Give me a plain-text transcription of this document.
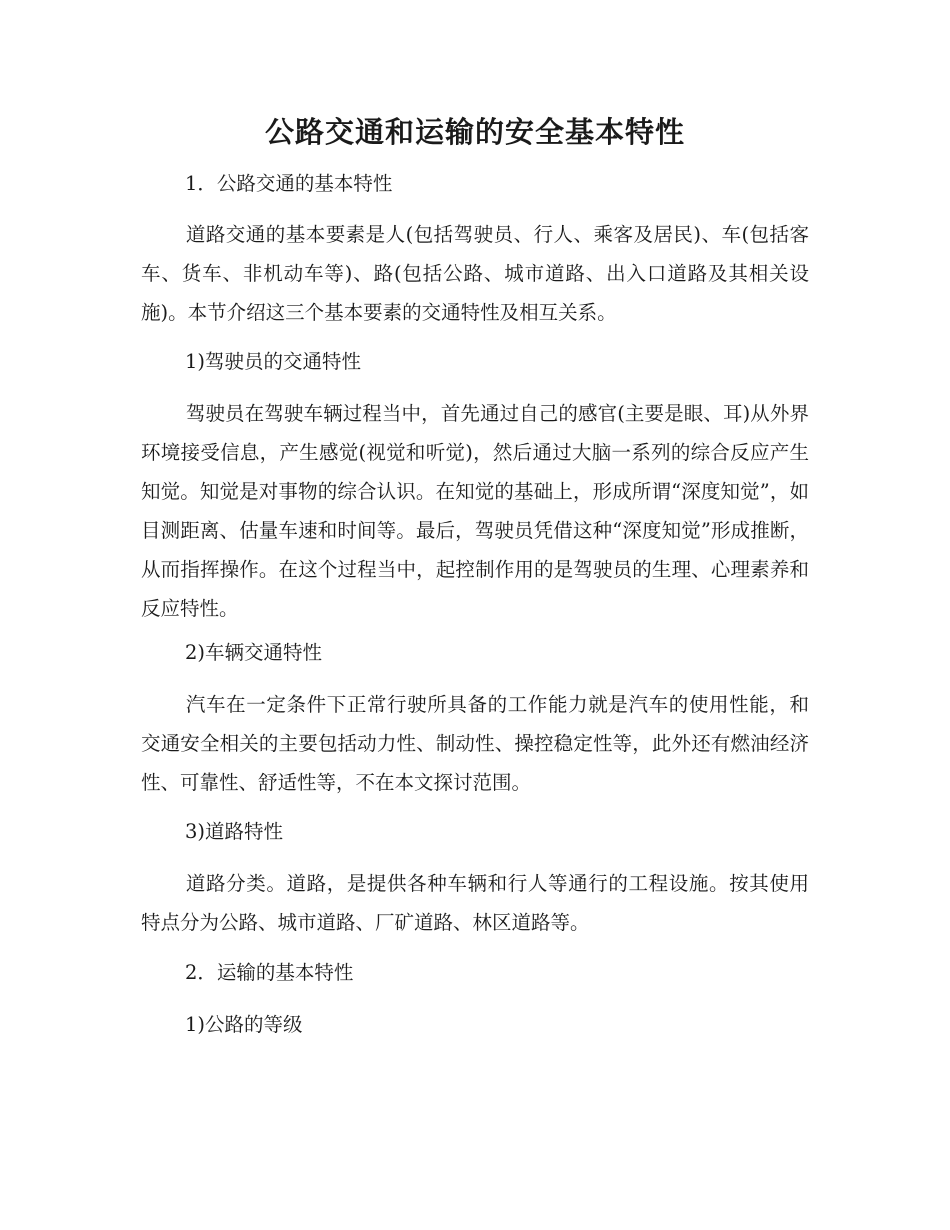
公路交通和运输的安全基本特性

1．公路交通的基本特性

道路交通的基本要素是人(包括驾驶员、行人、乘客及居民)、车(包括客车、货车、非机动车等)、路(包括公路、城市道路、出入口道路及其相关设施)。本节介绍这三个基本要素的交通特性及相互关系。

1)驾驶员的交通特性

驾驶员在驾驶车辆过程当中，首先通过自己的感官(主要是眼、耳)从外界环境接受信息，产生感觉(视觉和听觉)，然后通过大脑一系列的综合反应产生知觉。知觉是对事物的综合认识。在知觉的基础上，形成所谓“深度知觉”，如目测距离、估量车速和时间等。最后，驾驶员凭借这种“深度知觉”形成推断，从而指挥操作。在这个过程当中，起控制作用的是驾驶员的生理、心理素养和反应特性。

2)车辆交通特性

汽车在一定条件下正常行驶所具备的工作能力就是汽车的使用性能，和交通安全相关的主要包括动力性、制动性、操控稳定性等，此外还有燃油经济性、可靠性、舒适性等，不在本文探讨范围。

3)道路特性

道路分类。道路，是提供各种车辆和行人等通行的工程设施。按其使用特点分为公路、城市道路、厂矿道路、林区道路等。

2．运输的基本特性

1)公路的等级
